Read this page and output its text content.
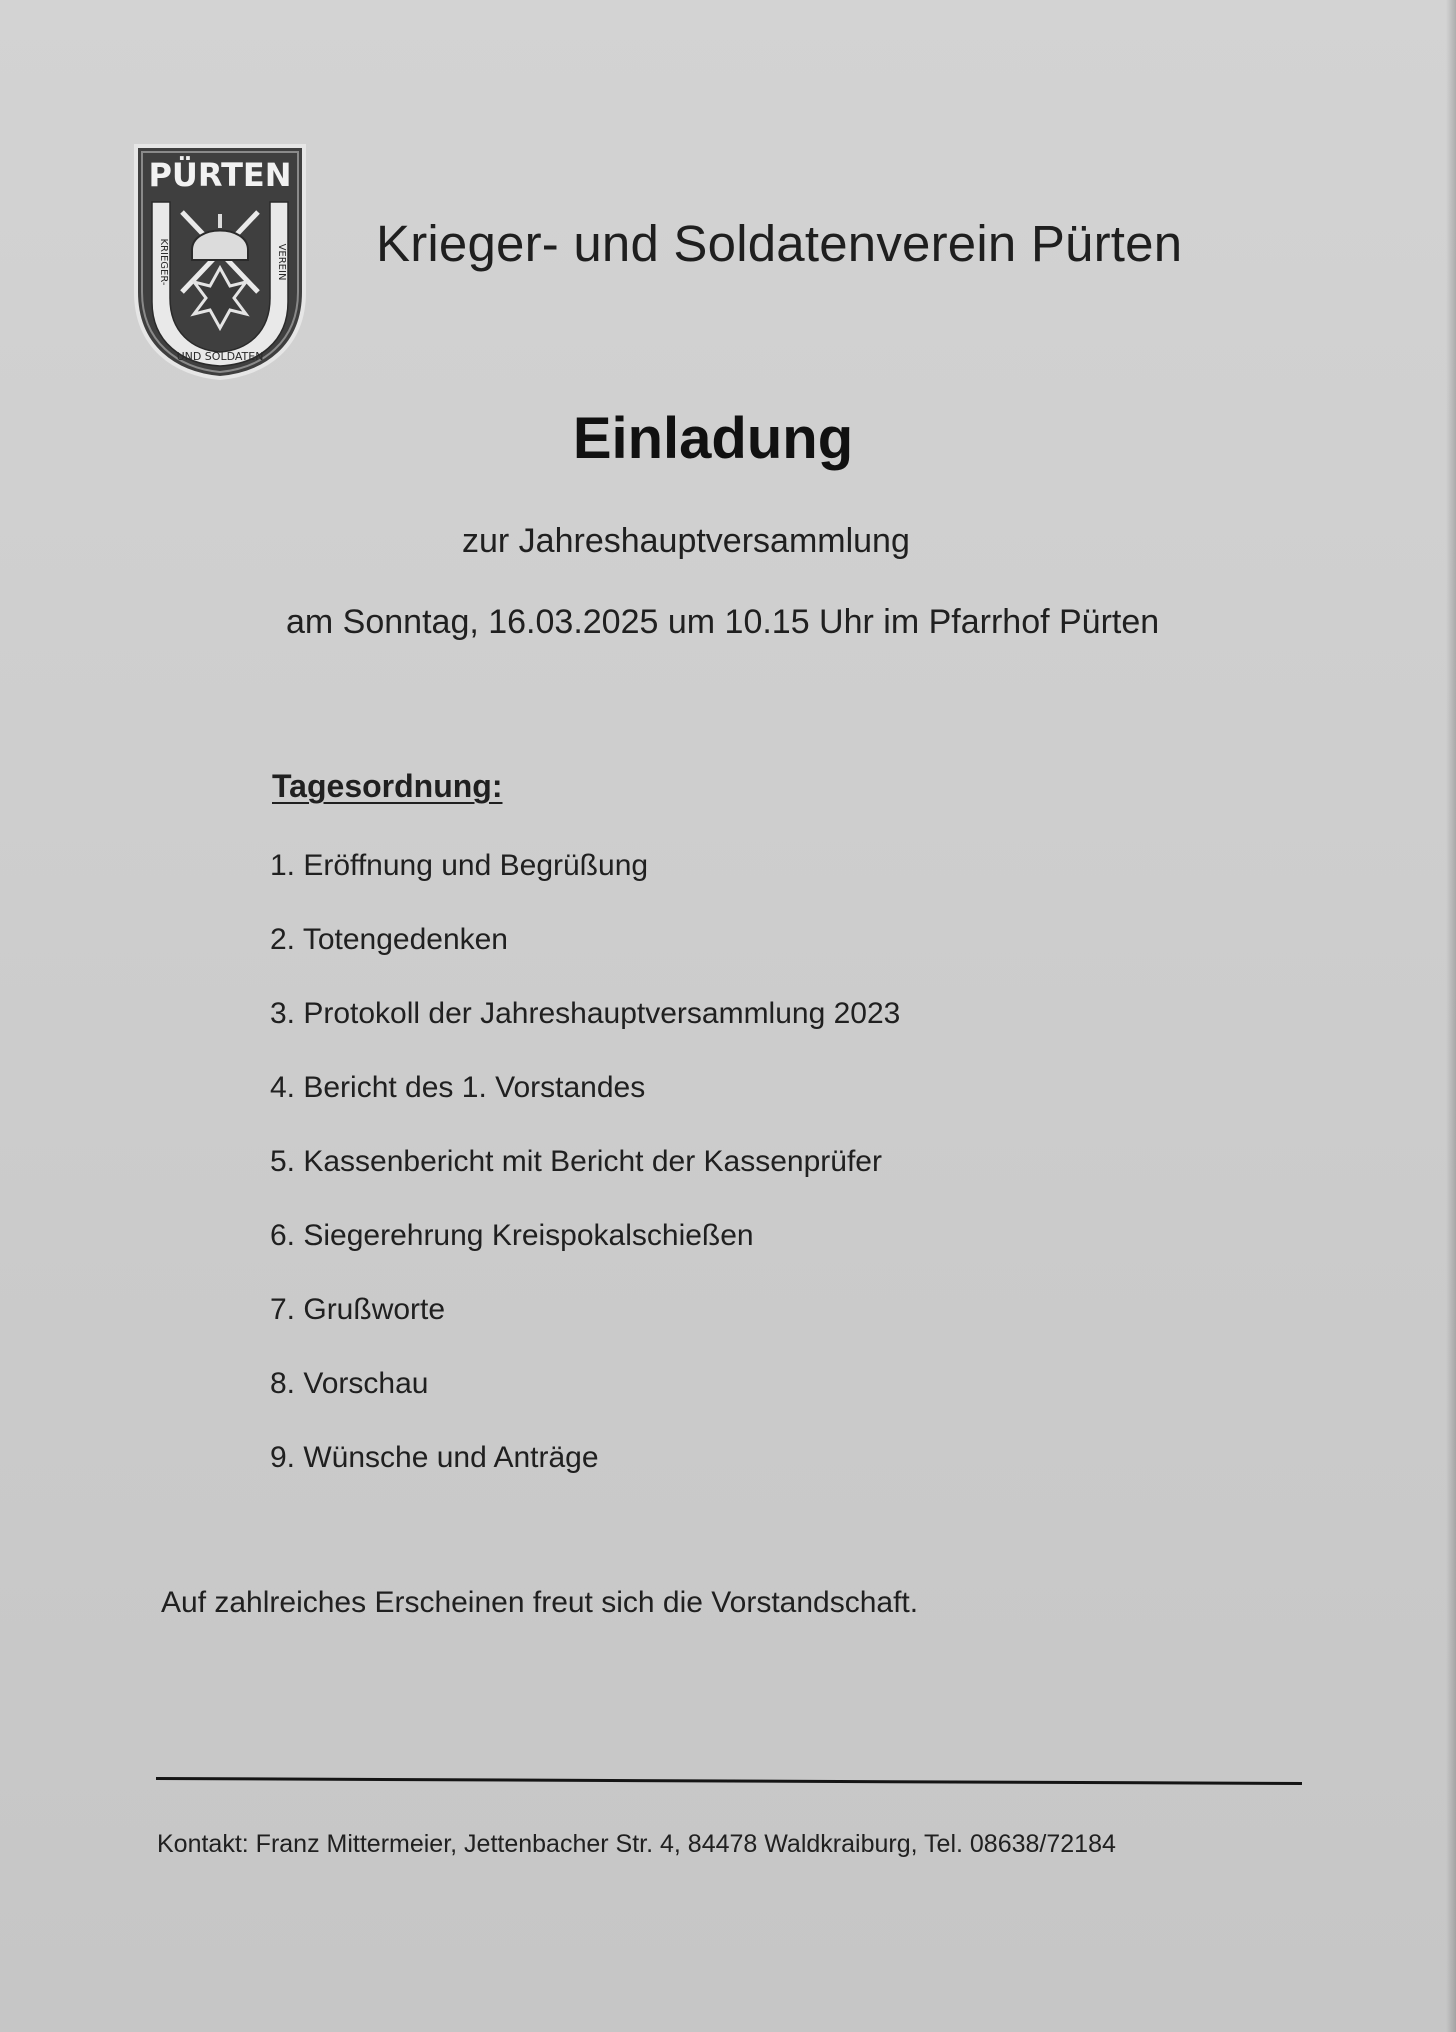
PÜRTEN
KRIEGER-
UND SOLDATEN
VEREIN Krieger- und Soldatenverein Pürten
Einladung
zur Jahreshauptversammlung
am Sonntag, 16.03.2025 um 10.15 Uhr im Pfarrhof Pürten
Tagesordnung:
1. Eröffnung und Begrüßung
2. Totengedenken
3. Protokoll der Jahreshauptversammlung 2023
4. Bericht des 1. Vorstandes
5. Kassenbericht mit Bericht der Kassenprüfer
6. Siegerehrung Kreispokalschießen
7. Grußworte
8. Vorschau
9. Wünsche und Anträge
Auf zahlreiches Erscheinen freut sich die Vorstandschaft.
Kontakt: Franz Mittermeier, Jettenbacher Str. 4, 84478 Waldkraiburg, Tel. 08638/72184
